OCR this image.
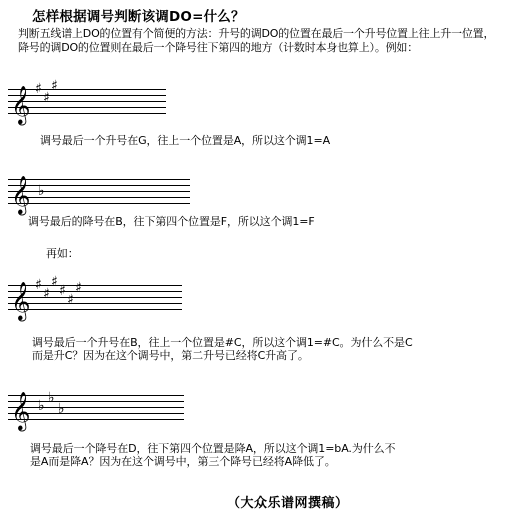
怎样根据调号判断该调DO=什么？
判断五线谱上DO的位置有个简便的方法：升号的调DO的位置在最后一个升号位置上往上升一位置，降号的调DO的位置则在最后一个降号往下第四的地方（计数时本身也算上）。例如：
𝄞 ♯
♯
♯
调号最后一个升号在G，往上一个位置是A，所以这个调1=A
𝄞 ♭
调号最后的降号在B，往下第四个位置是F，所以这个调1=F
再如：
𝄞 ♯
♯
♯
♯
♯
♯
调号最后一个升号在B，往上一个位置是#C，所以这个调1=#C。为什么不是C
而是升C？因为在这个调号中，第二升号已经将C升高了。
𝄞 ♭ ♭
♭
调号最后一个降号在D，往下第四个位置是降A，所以这个调1=bA.为什么不
是A而是降A？因为在这个调号中，第三个降号已经将A降低了。
（大众乐谱网撰稿）
